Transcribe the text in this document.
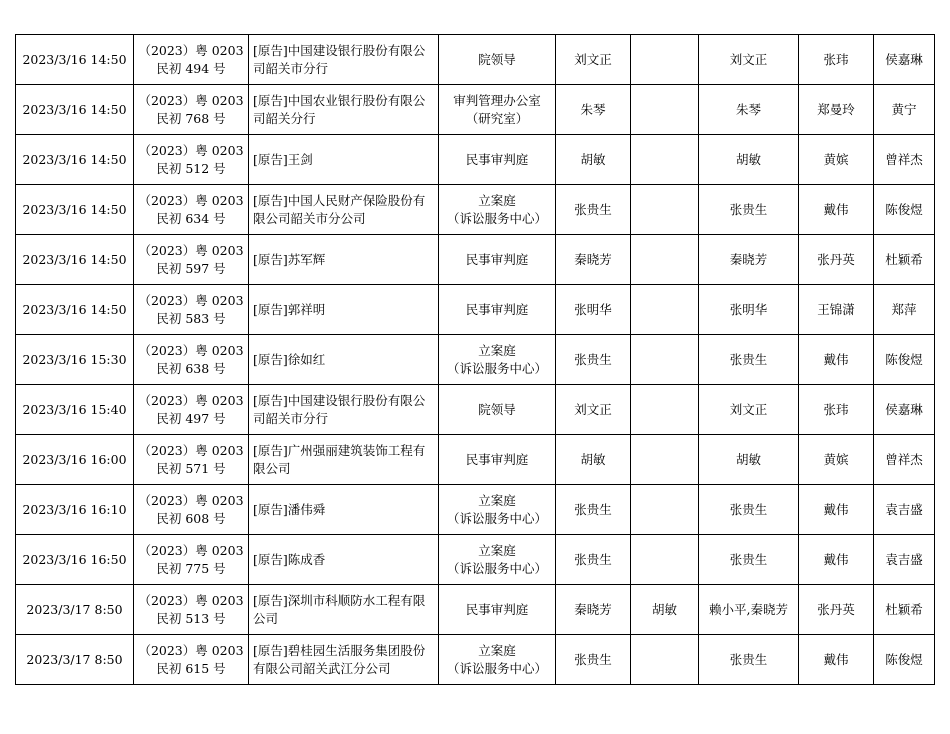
2023/3/16 14:50	（2023）粤 0203
民初 494 号	[原告]中国建设银行股份有限公司韶关市分行	院领导	刘文正		刘文正	张玮	侯嘉琳
2023/3/16 14:50	（2023）粤 0203
民初 768 号	[原告]中国农业银行股份有限公司韶关分行	审判管理办公室
（研究室）	朱琴		朱琴	郑曼玲	黄宁
2023/3/16 14:50	（2023）粤 0203
民初 512 号	[原告]王剑	民事审判庭	胡敏		胡敏	黄嫔	曾祥杰
2023/3/16 14:50	（2023）粤 0203
民初 634 号	[原告]中国人民财产保险股份有限公司韶关市分公司	立案庭
（诉讼服务中心）	张贵生		张贵生	戴伟	陈俊煜
2023/3/16 14:50	（2023）粤 0203
民初 597 号	[原告]苏军辉	民事审判庭	秦晓芳		秦晓芳	张丹英	杜颖希
2023/3/16 14:50	（2023）粤 0203
民初 583 号	[原告]郭祥明	民事审判庭	张明华		张明华	王锦潇	郑萍
2023/3/16 15:30	（2023）粤 0203
民初 638 号	[原告]徐如红	立案庭
（诉讼服务中心）	张贵生		张贵生	戴伟	陈俊煜
2023/3/16 15:40	（2023）粤 0203
民初 497 号	[原告]中国建设银行股份有限公司韶关市分行	院领导	刘文正		刘文正	张玮	侯嘉琳
2023/3/16 16:00	（2023）粤 0203
民初 571 号	[原告]广州强丽建筑装饰工程有限公司	民事审判庭	胡敏		胡敏	黄嫔	曾祥杰
2023/3/16 16:10	（2023）粤 0203
民初 608 号	[原告]潘伟舜	立案庭
（诉讼服务中心）	张贵生		张贵生	戴伟	袁吉盛
2023/3/16 16:50	（2023）粤 0203
民初 775 号	[原告]陈成香	立案庭
（诉讼服务中心）	张贵生		张贵生	戴伟	袁吉盛
2023/3/17 8:50	（2023）粤 0203
民初 513 号	[原告]深圳市科顺防水工程有限公司	民事审判庭	秦晓芳	胡敏	赖小平,秦晓芳	张丹英	杜颖希
2023/3/17 8:50	（2023）粤 0203
民初 615 号	[原告]碧桂园生活服务集团股份有限公司韶关武江分公司	立案庭
（诉讼服务中心）	张贵生		张贵生	戴伟	陈俊煜
